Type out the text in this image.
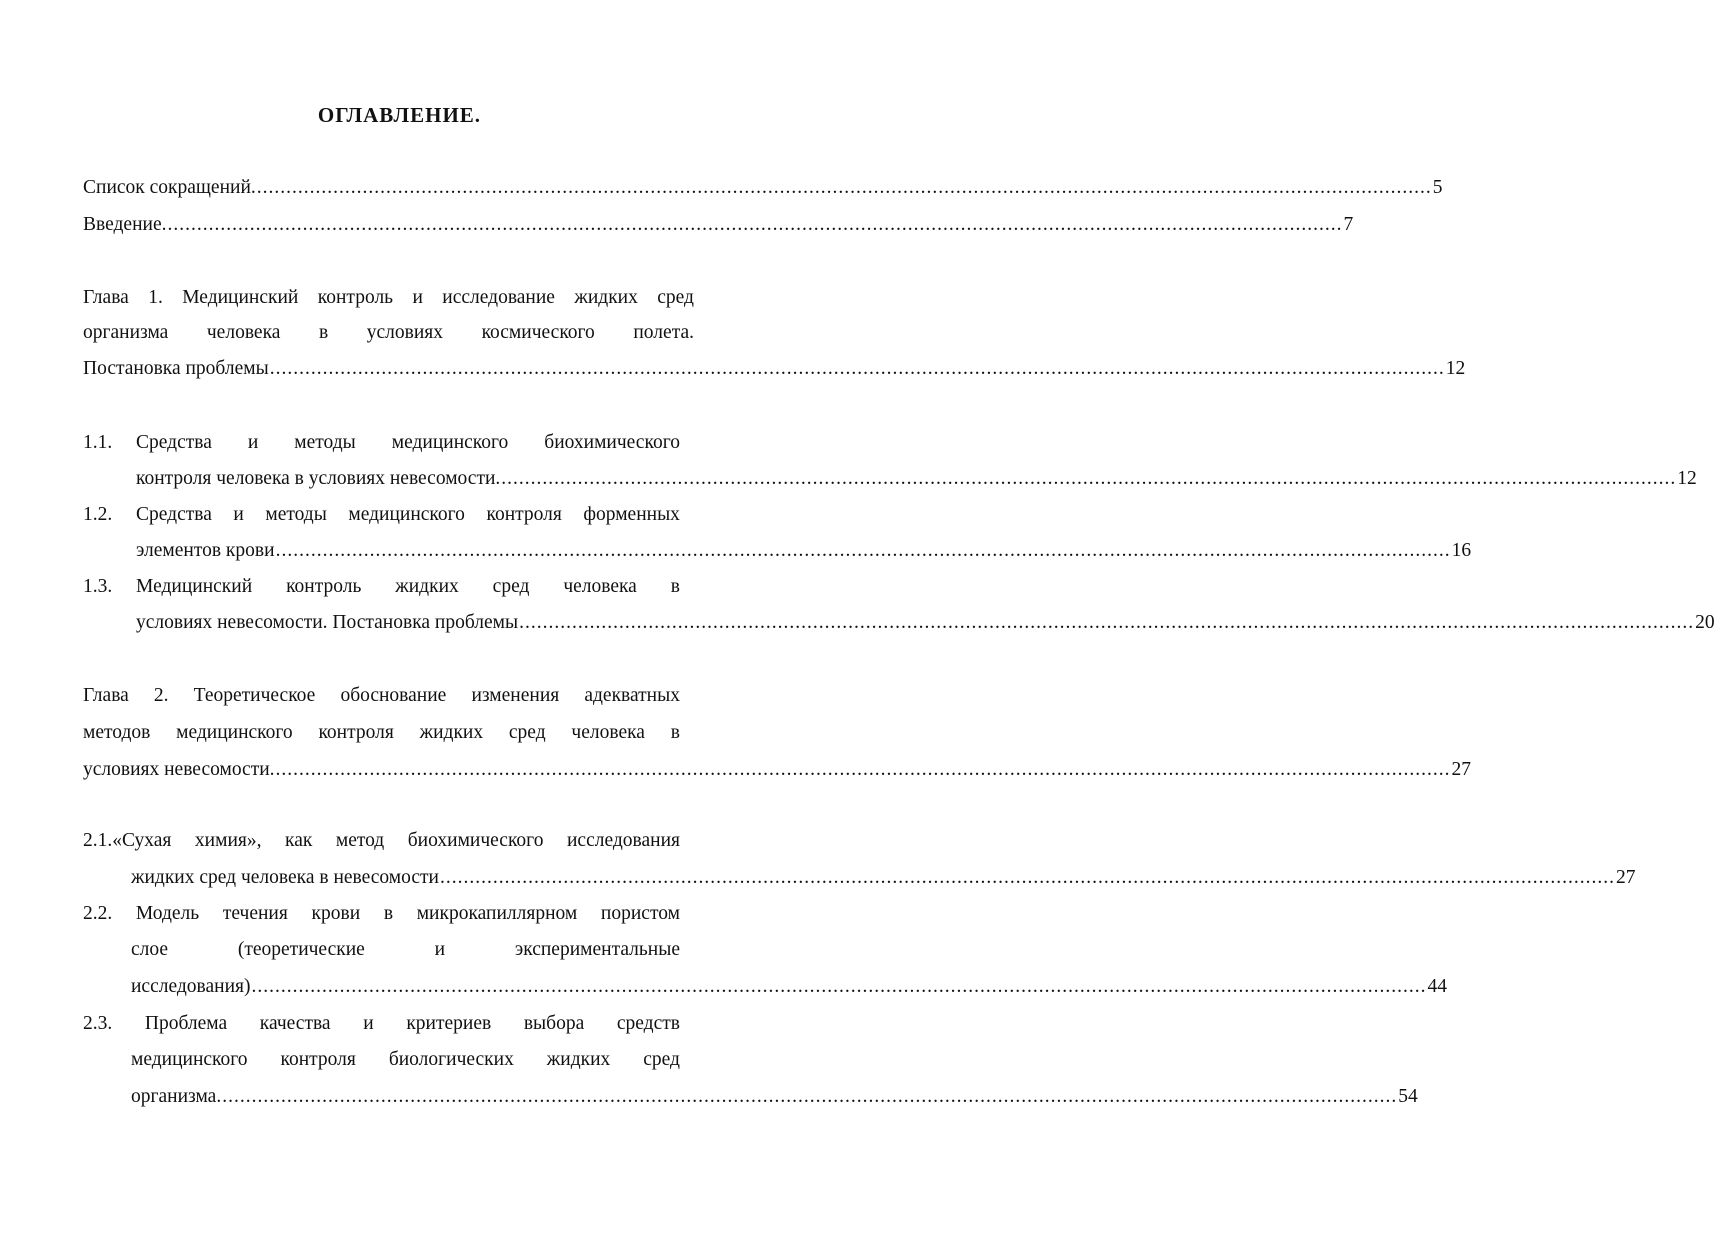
ОГЛАВЛЕНИЕ.
Список сокращений. ........................................................................................................................................................................................................ 5
Введение. ........................................................................................................................................................................................................ 7
Глава 1. Медицинский контроль и исследование жидких сред
организма человека в условиях космического полета.
Постановка проблемы ........................................................................................................................................................................................................ 12
1.1. Средства и методы медицинского биохимического
контроля человека в условиях невесомости. ........................................................................................................................................................................................................ 12
1.2. Средства и методы медицинского контроля форменных
элементов крови ........................................................................................................................................................................................................ 16
1.3. Медицинский контроль жидких сред человека в
условиях невесомости. Постановка проблемы ........................................................................................................................................................................................................ 20
Глава 2. Теоретическое обоснование изменения адекватных
методов медицинского контроля жидких сред человека в
условиях невесомости. ........................................................................................................................................................................................................ 27
2.1.«Сухая химия», как метод биохимического исследования
жидких сред человека в невесомости ........................................................................................................................................................................................................ 27
2.2. Модель течения крови в микрокапиллярном пористом
слое	(теоретические	и	экспериментальные
исследования) ........................................................................................................................................................................................................ 44
2.3. Проблема качества и критериев выбора средств
медицинского контроля биологических жидких сред
организма. ........................................................................................................................................................................................................ 54
